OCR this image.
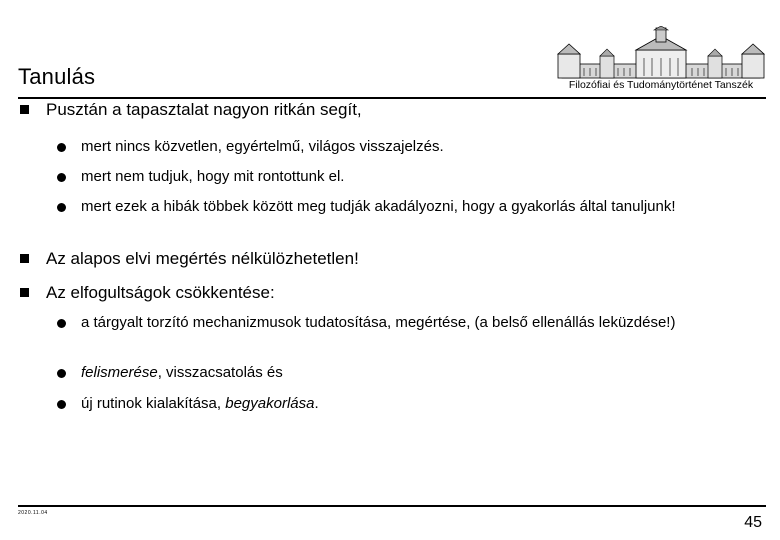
Tanulás	Filozófiai és Tudománytörténet Tanszék
Pusztán a tapasztalat nagyon ritkán segít,
mert nincs közvetlen, egyértelmű, világos visszajelzés.
mert nem tudjuk, hogy mit rontottunk el.
mert ezek a hibák többek között meg tudják akadályozni, hogy a gyakorlás által tanuljunk!
Az alapos elvi megértés nélkülözhetetlen!
Az elfogultságok csökkentése:
a tárgyalt torzító mechanizmusok tudatosítása, megértése, (a belső ellenállás leküzdése!)
felismerése, visszacsatolás és
új rutinok kialakítása, begyakorlása.
2020.11.04
45
